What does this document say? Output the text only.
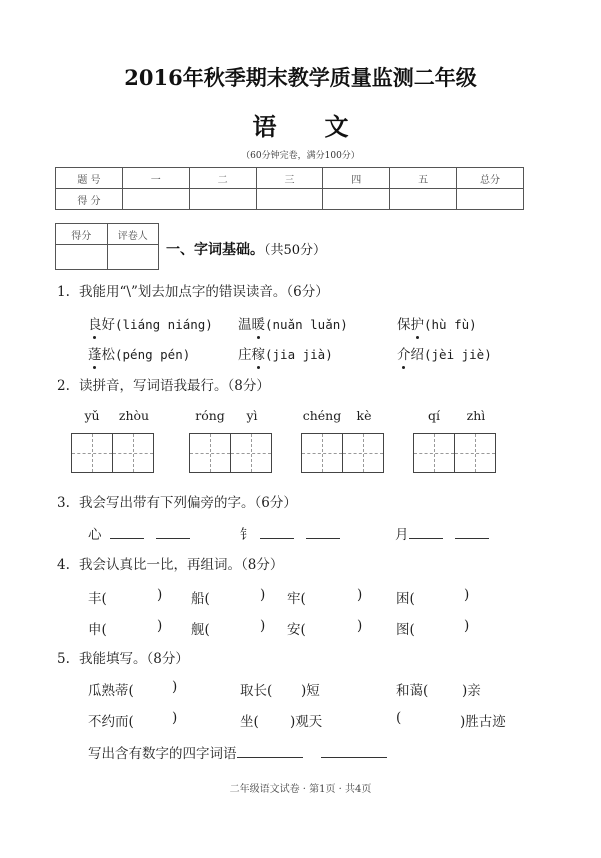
2016年秋季期末教学质量监测二年级
语 文
（60分钟完卷，满分100分）
题 号	一	二	三	四	五	总分
得 分						
得分	评卷人

一、字词基础。（共50分）
1. 我能用“\”划去加点字的错误读音。（6分）
良好(liáng niáng) 温暖(nuǎn luǎn)	保护(hù fù)
蓬松(péng pén)	庄稼(jia jià)	介绍(jèi jiè)
2. 读拼音，写词语我最行。（8分）
yǔ	zhòu	róng	yì	chéng	kè	qí	zhì
3. 我会写出带有下列偏旁的字。（6分）
心	钅	月
4. 我会认真比一比，再组词。（8分）
丰(	) 船(	) 牢(	) 困(	)
申(	) 舰(	) 安(	) 图(	)
5. 我能填写。（8分）
瓜熟蒂(	)	取长( )短	和蔼( )亲
不约而(	)	坐( )观天	(	)胜古迹
写出含有数字的四字词语
二年级语文试卷 · 第1页 · 共4页
